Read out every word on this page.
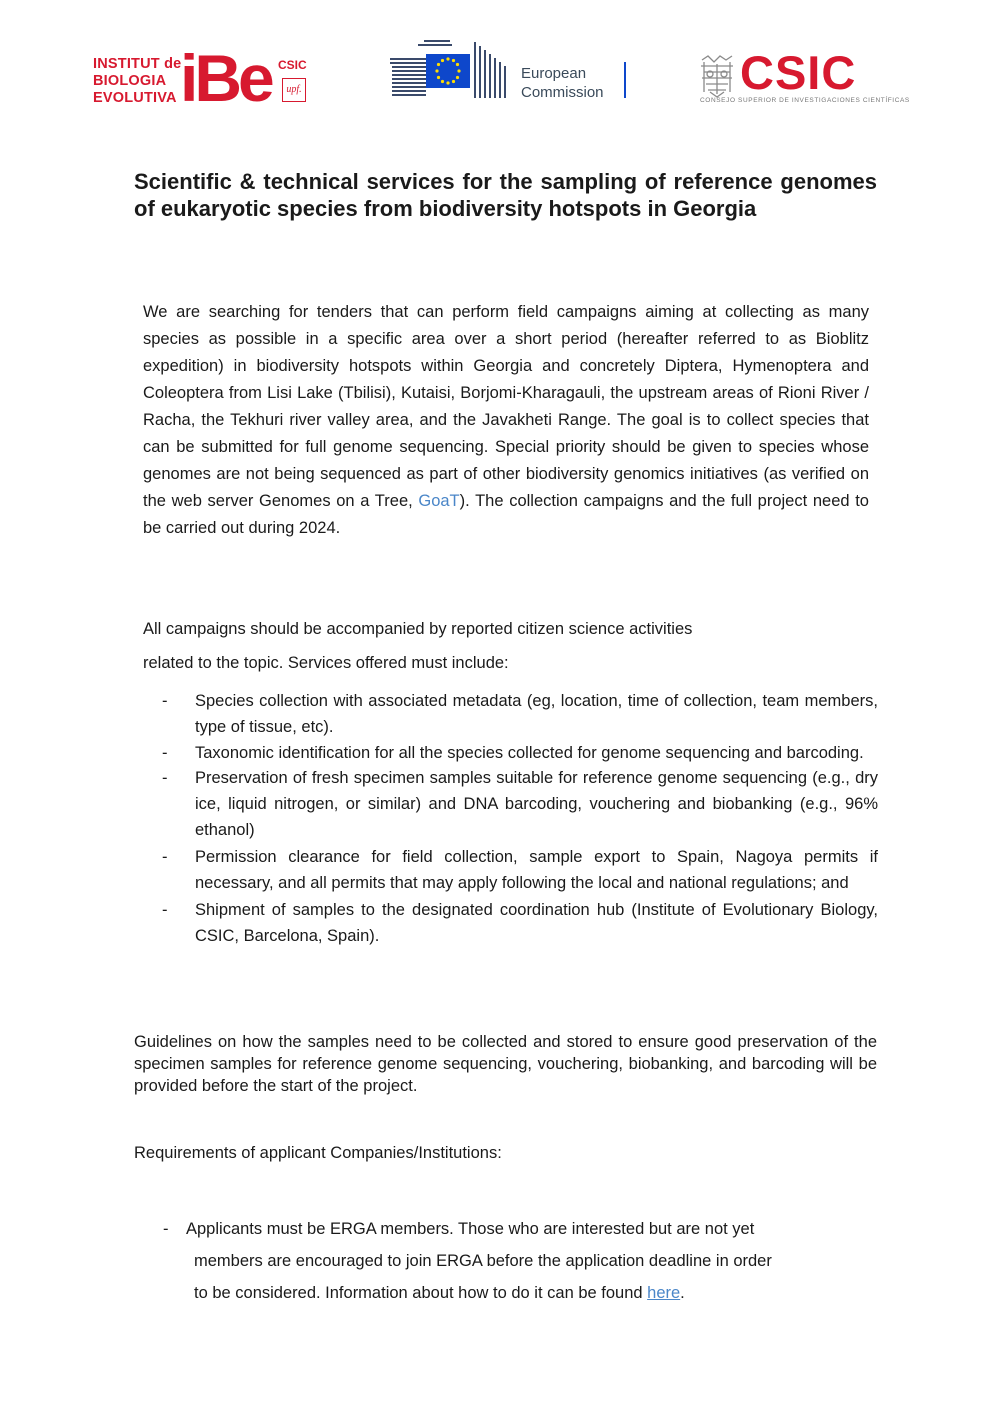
INSTITUT de
BIOLOGIA
EVOLUTIVA iBe CSIC
upf.
European
Commission	CSIC
CONSEJO SUPERIOR DE INVESTIGACIONES CIENTÍFICAS
Scientific & technical services for the sampling of reference genomes of eukaryotic species from biodiversity hotspots in Georgia
We are searching for tenders that can perform field campaigns aiming at collecting as many species as possible in a specific area over a short period (hereafter referred to as Bioblitz expedition) in biodiversity hotspots within Georgia and concretely Diptera, Hymenoptera and Coleoptera from Lisi Lake (Tbilisi), Kutaisi, Borjomi-Kharagauli, the upstream areas of Rioni River / Racha, the Tekhuri river valley area, and the Javakheti Range. The goal is to collect species that can be submitted for full genome sequencing. Special priority should be given to species whose genomes are not being sequenced as part of other biodiversity genomics initiatives (as verified on the web server Genomes on a Tree, GoaT). The collection campaigns and the full project need to be carried out during 2024.
All campaigns should be accompanied by reported citizen science activities
related to the topic. Services offered must include:
- Species collection with associated metadata (eg, location, time of collection, team members, type of tissue, etc).
- Taxonomic identification for all the species collected for genome sequencing and barcoding.
- Preservation of fresh specimen samples suitable for reference genome sequencing (e.g., dry ice, liquid nitrogen, or similar) and DNA barcoding, vouchering and biobanking (e.g., 96% ethanol)
- Permission clearance for field collection, sample export to Spain, Nagoya permits if necessary, and all permits that may apply following the local and national regulations; and
- Shipment of samples to the designated coordination hub (Institute of Evolutionary Biology, CSIC, Barcelona, Spain).
Guidelines on how the samples need to be collected and stored to ensure good preservation of the specimen samples for reference genome sequencing, vouchering, biobanking, and barcoding will be provided before the start of the project.
Requirements of applicant Companies/Institutions:
- Applicants must be ERGA members. Those who are interested but are not yet
members are encouraged to join ERGA before the application deadline in order
to be considered. Information about how to do it can be found here.
